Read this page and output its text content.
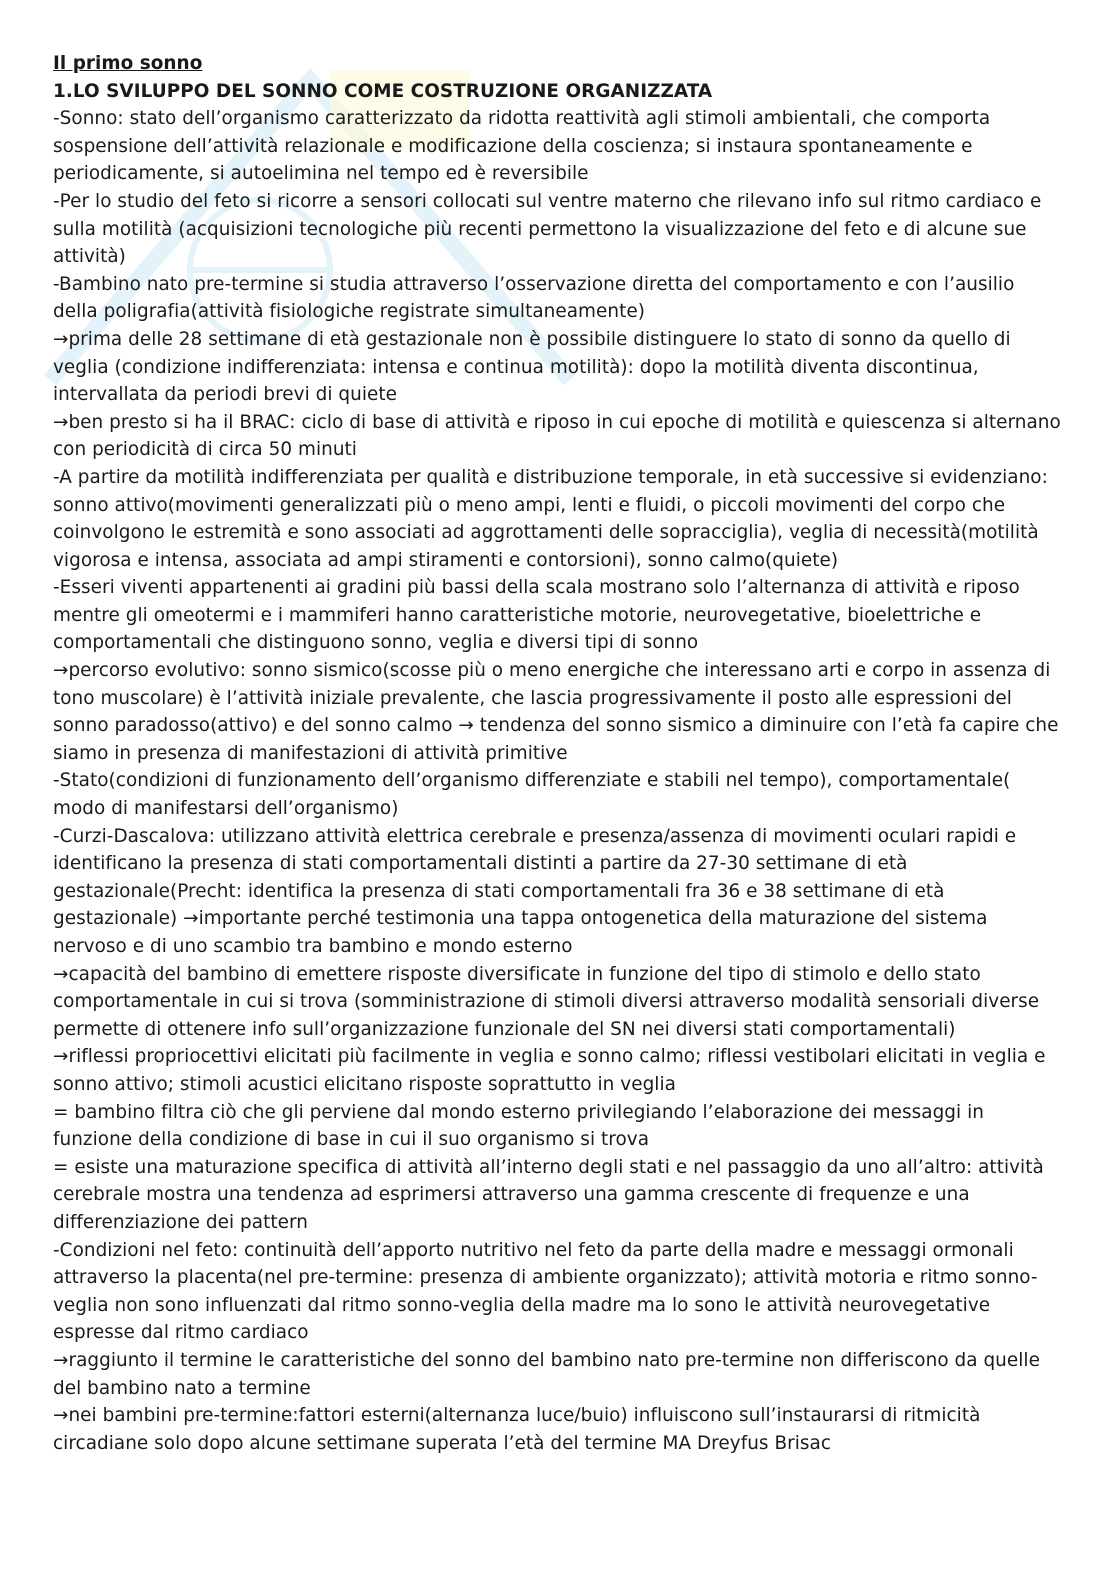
Il primo sonno

1.LO SVILUPPO DEL SONNO COME COSTRUZIONE ORGANIZZATA

-Sonno: stato dell’organismo caratterizzato da ridotta reattività agli stimoli ambientali, che comporta sospensione dell’attività relazionale e modificazione della coscienza; si instaura spontaneamente e periodicamente, si autoelimina nel tempo ed è reversibile

-Per lo studio del feto si ricorre a sensori collocati sul ventre materno che rilevano info sul ritmo cardiaco e sulla motilità (acquisizioni tecnologiche più recenti permettono la visualizzazione del feto e di alcune sue attività)

-Bambino nato pre-termine si studia attraverso l’osservazione diretta del comportamento e con l’ausilio della poligrafia(attività fisiologiche registrate simultaneamente)

→prima delle 28 settimane di età gestazionale non è possibile distinguere lo stato di sonno da quello di veglia (condizione indifferenziata: intensa e continua motilità): dopo la motilità diventa discontinua, intervallata da periodi brevi di quiete

→ben presto si ha il BRAC: ciclo di base di attività e riposo in cui epoche di motilità e quiescenza si alternano con periodicità di circa 50 minuti

-A partire da motilità indifferenziata per qualità e distribuzione temporale, in età successive si evidenziano: sonno attivo(movimenti generalizzati più o meno ampi, lenti e fluidi, o piccoli movimenti del corpo che coinvolgono le estremità e sono associati ad aggrottamenti delle sopracciglia), veglia di necessità(motilità vigorosa e intensa, associata ad ampi stiramenti e contorsioni), sonno calmo(quiete)

-Esseri viventi appartenenti ai gradini più bassi della scala mostrano solo l’alternanza di attività e riposo mentre gli omeotermi e i mammiferi hanno caratteristiche motorie, neurovegetative, bioelettriche e comportamentali che distinguono sonno, veglia e diversi tipi di sonno

→percorso evolutivo: sonno sismico(scosse più o meno energiche che interessano arti e corpo in assenza di tono muscolare) è l’attività iniziale prevalente, che lascia progressivamente il posto alle espressioni del sonno paradosso(attivo) e del sonno calmo → tendenza del sonno sismico a diminuire con l’età fa capire che siamo in presenza di manifestazioni di attività primitive

-Stato(condizioni di funzionamento dell’organismo differenziate e stabili nel tempo), comportamentale( modo di manifestarsi dell’organismo)

-Curzi-Dascalova: utilizzano attività elettrica cerebrale e presenza/assenza di movimenti oculari rapidi e identificano la presenza di stati comportamentali distinti a partire da 27-30 settimane di età gestazionale(Precht: identifica la presenza di stati comportamentali fra 36 e 38 settimane di età gestazionale) →importante perché testimonia una tappa ontogenetica della maturazione del sistema nervoso e di uno scambio tra bambino e mondo esterno

→capacità del bambino di emettere risposte diversificate in funzione del tipo di stimolo e dello stato comportamentale in cui si trova (somministrazione di stimoli diversi attraverso modalità sensoriali diverse permette di ottenere info sull’organizzazione funzionale del SN nei diversi stati comportamentali)

→riflessi propriocettivi elicitati più facilmente in veglia e sonno calmo; riflessi vestibolari elicitati in veglia e sonno attivo; stimoli acustici elicitano risposte soprattutto in veglia

= bambino filtra ciò che gli perviene dal mondo esterno privilegiando l’elaborazione dei messaggi in funzione della condizione di base in cui il suo organismo si trova

= esiste una maturazione specifica di attività all’interno degli stati e nel passaggio da uno all’altro: attività cerebrale mostra una tendenza ad esprimersi attraverso una gamma crescente di frequenze e una differenziazione dei pattern

-Condizioni nel feto: continuità dell’apporto nutritivo nel feto da parte della madre e messaggi ormonali attraverso la placenta(nel pre-termine: presenza di ambiente organizzato); attività motoria e ritmo sonno-veglia non sono influenzati dal ritmo sonno-veglia della madre ma lo sono le attività neurovegetative espresse dal ritmo cardiaco

→raggiunto il termine le caratteristiche del sonno del bambino nato pre-termine non differiscono da quelle del bambino nato a termine

→nei bambini pre-termine:fattori esterni(alternanza luce/buio) influiscono sull’instaurarsi di ritmicità circadiane solo dopo alcune settimane superata l’età del termine MA Dreyfus Brisac
